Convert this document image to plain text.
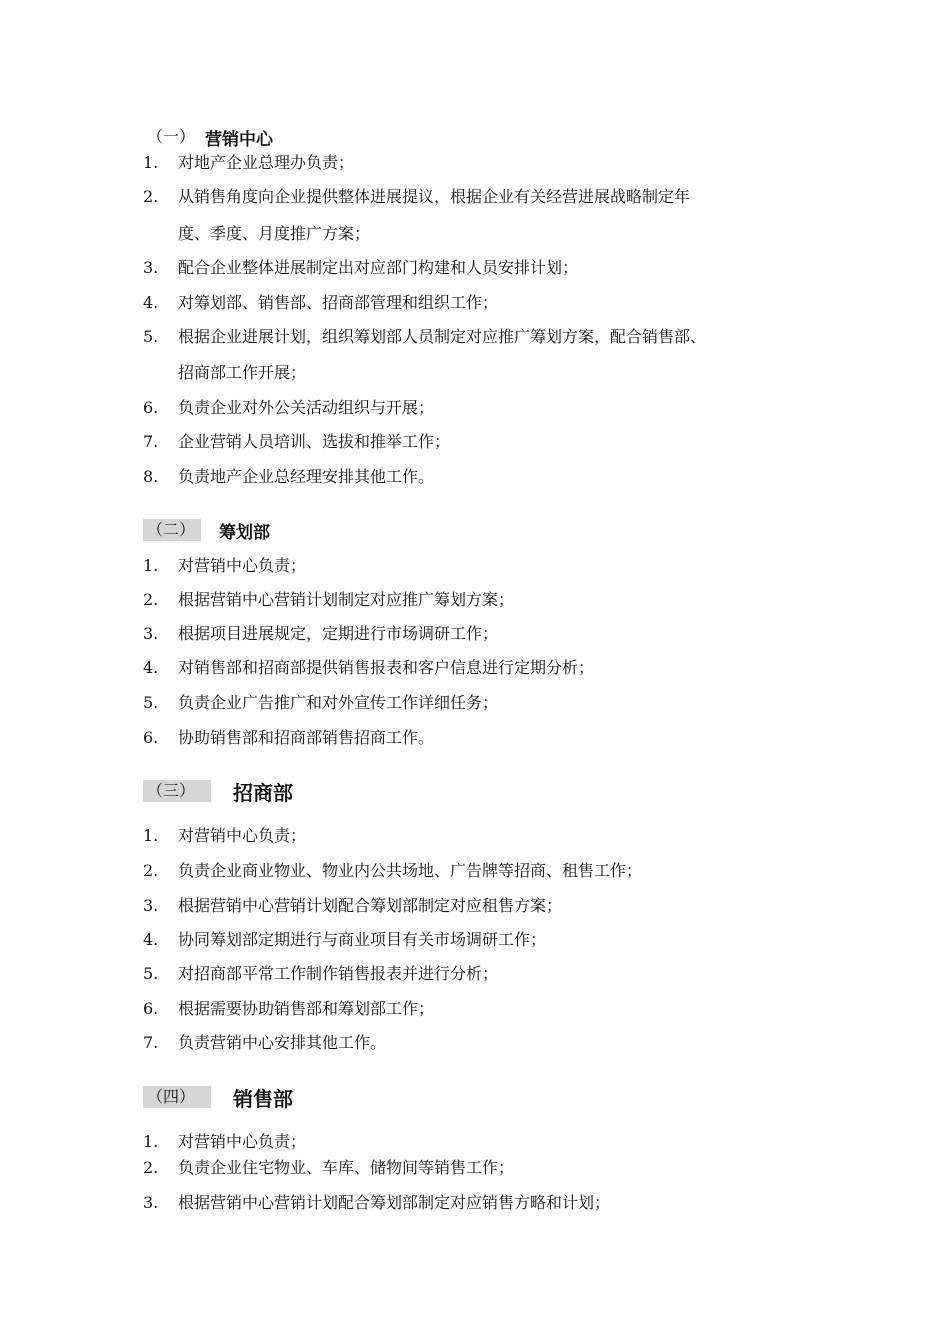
（一） 营销中心
1. 对地产企业总理办负责；
2. 从销售角度向企业提供整体进展提议，根据企业有关经营进展战略制定年
度、季度、月度推广方案；
3. 配合企业整体进展制定出对应部门构建和人员安排计划；
4. 对筹划部、销售部、招商部管理和组织工作；
5. 根据企业进展计划，组织筹划部人员制定对应推广筹划方案，配合销售部、
招商部工作开展；
6. 负责企业对外公关活动组织与开展；
7. 企业营销人员培训、选拔和推举工作；
8. 负责地产企业总经理安排其他工作。
（二）	筹划部
1. 对营销中心负责；
2. 根据营销中心营销计划制定对应推广筹划方案；
3. 根据项目进展规定，定期进行市场调研工作；
4. 对销售部和招商部提供销售报表和客户信息进行定期分析；
5. 负责企业广告推广和对外宣传工作详细任务；
6. 协助销售部和招商部销售招商工作。
（三）	招商部
1. 对营销中心负责；
2. 负责企业商业物业、物业内公共场地、广告牌等招商、租售工作；
3. 根据营销中心营销计划配合筹划部制定对应租售方案；
4. 协同筹划部定期进行与商业项目有关市场调研工作；
5. 对招商部平常工作制作销售报表并进行分析；
6. 根据需要协助销售部和筹划部工作；
7. 负责营销中心安排其他工作。
（四）	销售部
1. 对营销中心负责；
2. 负责企业住宅物业、车库、储物间等销售工作；
3. 根据营销中心营销计划配合筹划部制定对应销售方略和计划；
